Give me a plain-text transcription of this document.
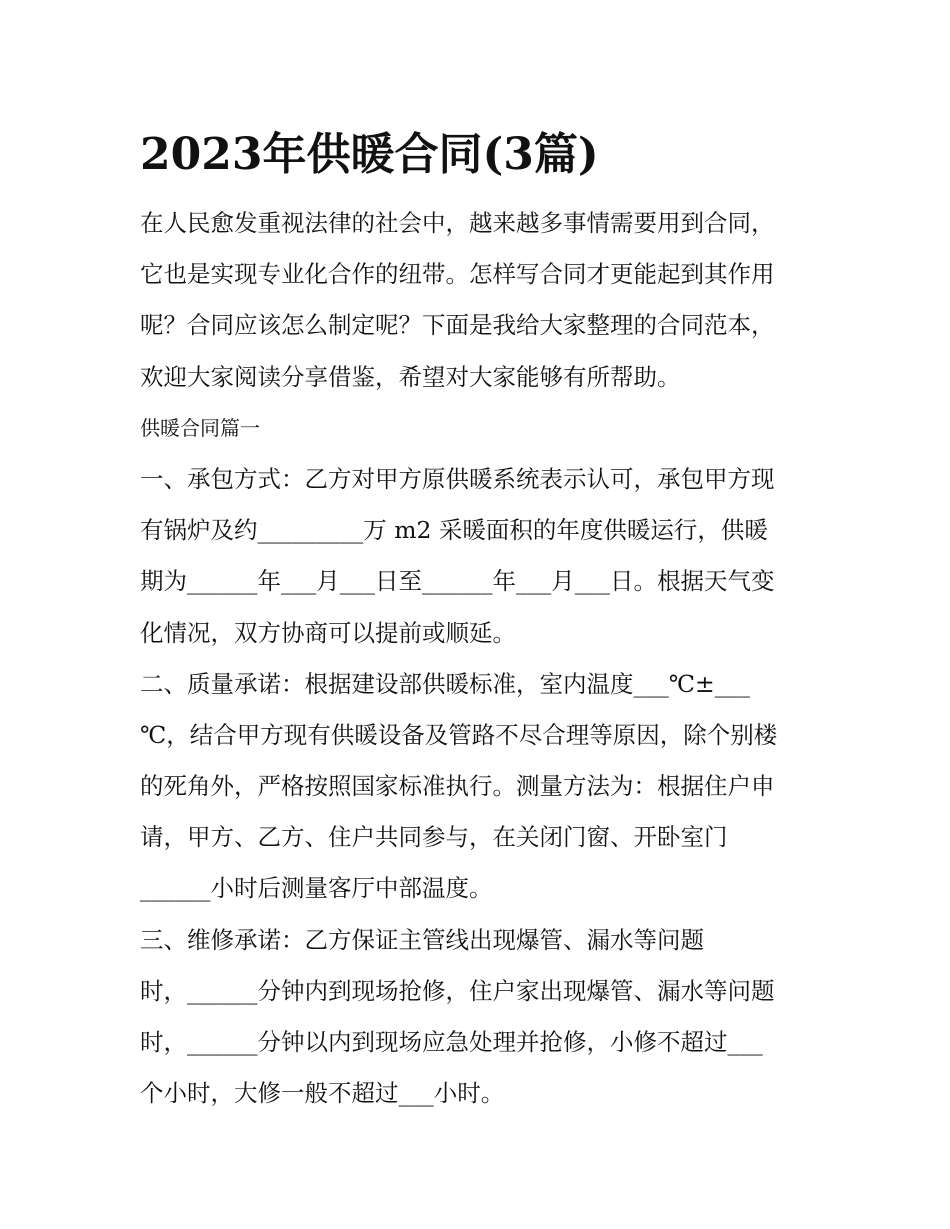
2023年供暖合同(3篇)
在人民愈发重视法律的社会中，越来越多事情需要用到合同，
它也是实现专业化合作的纽带。怎样写合同才更能起到其作用
呢？合同应该怎么制定呢？下面是我给大家整理的合同范本，
欢迎大家阅读分享借鉴，希望对大家能够有所帮助。
供暖合同篇一
一、承包方式：乙方对甲方原供暖系统表示认可，承包甲方现
有锅炉及约_________万 m2 采暖面积的年度供暖运行，供暖
期为______年___月___日至______年___月___日。根据天气变
化情况，双方协商可以提前或顺延。
二、质量承诺：根据建设部供暖标准，室内温度___℃±___
℃，结合甲方现有供暖设备及管路不尽合理等原因，除个别楼
的死角外，严格按照国家标准执行。测量方法为：根据住户申
请，甲方、乙方、住户共同参与，在关闭门窗、开卧室门
______小时后测量客厅中部温度。
三、维修承诺：乙方保证主管线出现爆管、漏水等问题
时，______分钟内到现场抢修，住户家出现爆管、漏水等问题
时，______分钟以内到现场应急处理并抢修，小修不超过___
个小时，大修一般不超过___小时。
